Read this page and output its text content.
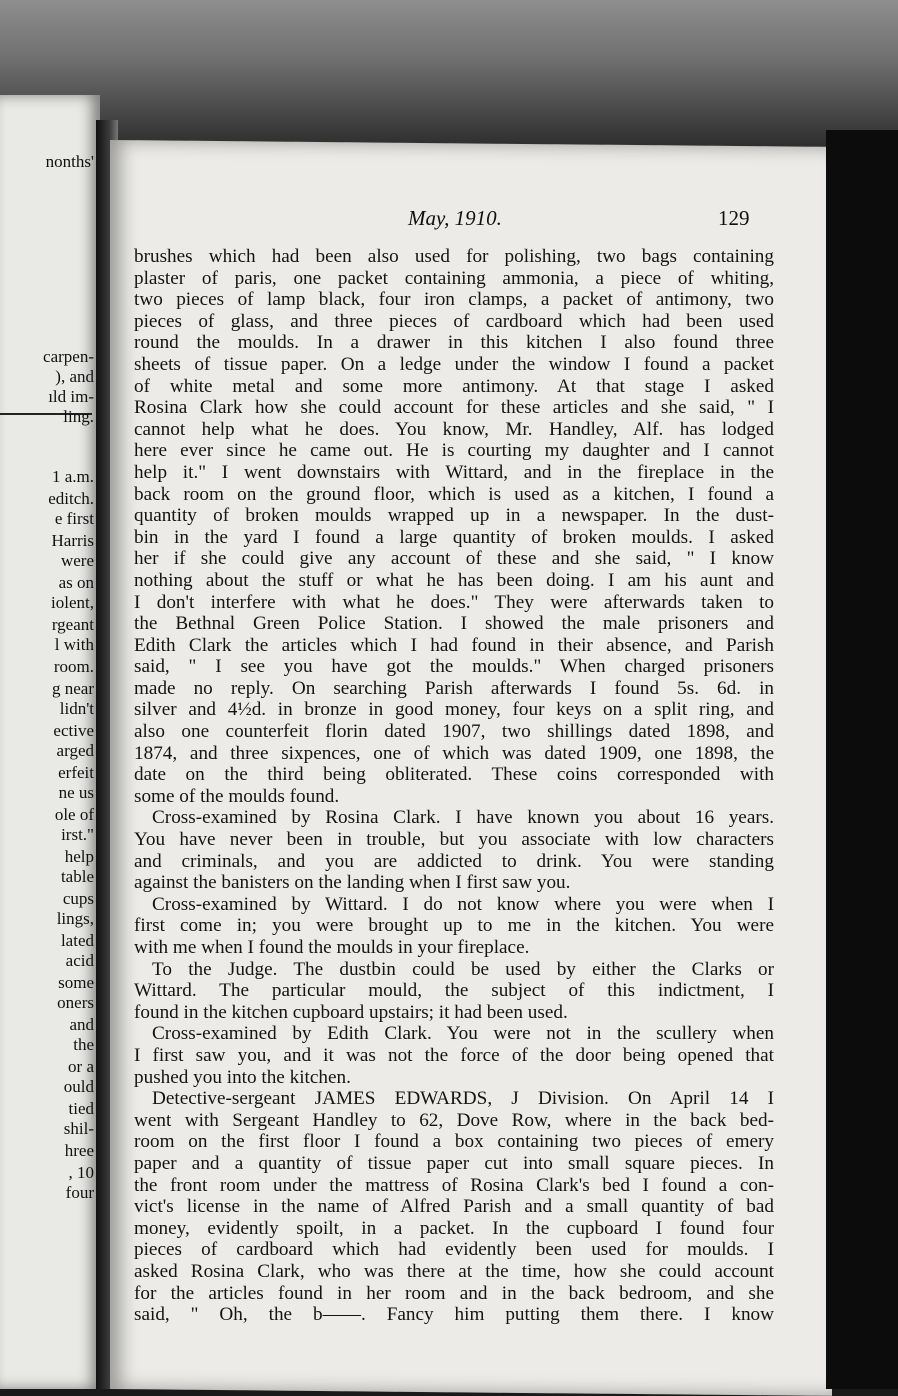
nonths'
carpen-
), and
ıld im-
ling.
1 a.m.
editch.
e first
Harris
were
as on
iolent,
rgeant
l with
room.
g near
lidn't
ective
arged
erfeit
ne us
ole of
irst."
help
table
cups
lings,
lated
acid
some
oners
and
the
or a
ould
tied
shil-
hree
, 10
four
May, 1910.	129
brushes which had been also used for polishing, two bags containing
plaster of paris, one packet containing ammonia, a piece of whiting,
two pieces of lamp black, four iron clamps, a packet of antimony, two
pieces of glass, and three pieces of cardboard which had been used
round the moulds. In a drawer in this kitchen I also found three
sheets of tissue paper. On a ledge under the window I found a packet
of white metal and some more antimony. At that stage I asked
Rosina Clark how she could account for these articles and she said, " I
cannot help what he does. You know, Mr. Handley, Alf. has lodged
here ever since he came out. He is courting my daughter and I cannot
help it." I went downstairs with Wittard, and in the fireplace in the
back room on the ground floor, which is used as a kitchen, I found a
quantity of broken moulds wrapped up in a newspaper. In the dust-
bin in the yard I found a large quantity of broken moulds. I asked
her if she could give any account of these and she said, " I know
nothing about the stuff or what he has been doing. I am his aunt and
I don't interfere with what he does." They were afterwards taken to
the Bethnal Green Police Station. I showed the male prisoners and
Edith Clark the articles which I had found in their absence, and Parish
said, " I see you have got the moulds." When charged prisoners
made no reply. On searching Parish afterwards I found 5s. 6d. in
silver and 4½d. in bronze in good money, four keys on a split ring, and
also one counterfeit florin dated 1907, two shillings dated 1898, and
1874, and three sixpences, one of which was dated 1909, one 1898, the
date on the third being obliterated. These coins corresponded with
some of the moulds found.
Cross-examined by Rosina Clark. I have known you about 16 years.
You have never been in trouble, but you associate with low characters
and criminals, and you are addicted to drink. You were standing
against the banisters on the landing when I first saw you.
Cross-examined by Wittard. I do not know where you were when I
first come in; you were brought up to me in the kitchen. You were
with me when I found the moulds in your fireplace.
To the Judge. The dustbin could be used by either the Clarks or
Wittard. The particular mould, the subject of this indictment, I
found in the kitchen cupboard upstairs; it had been used.
Cross-examined by Edith Clark. You were not in the scullery when
I first saw you, and it was not the force of the door being opened that
pushed you into the kitchen.
Detective-sergeant JAMES EDWARDS, J Division. On April 14 I
went with Sergeant Handley to 62, Dove Row, where in the back bed-
room on the first floor I found a box containing two pieces of emery
paper and a quantity of tissue paper cut into small square pieces. In
the front room under the mattress of Rosina Clark's bed I found a con-
vict's license in the name of Alfred Parish and a small quantity of bad
money, evidently spoilt, in a packet. In the cupboard I found four
pieces of cardboard which had evidently been used for moulds. I
asked Rosina Clark, who was there at the time, how she could account
for the articles found in her room and in the back bedroom, and she
said, " Oh, the b——. Fancy him putting them there. I know
